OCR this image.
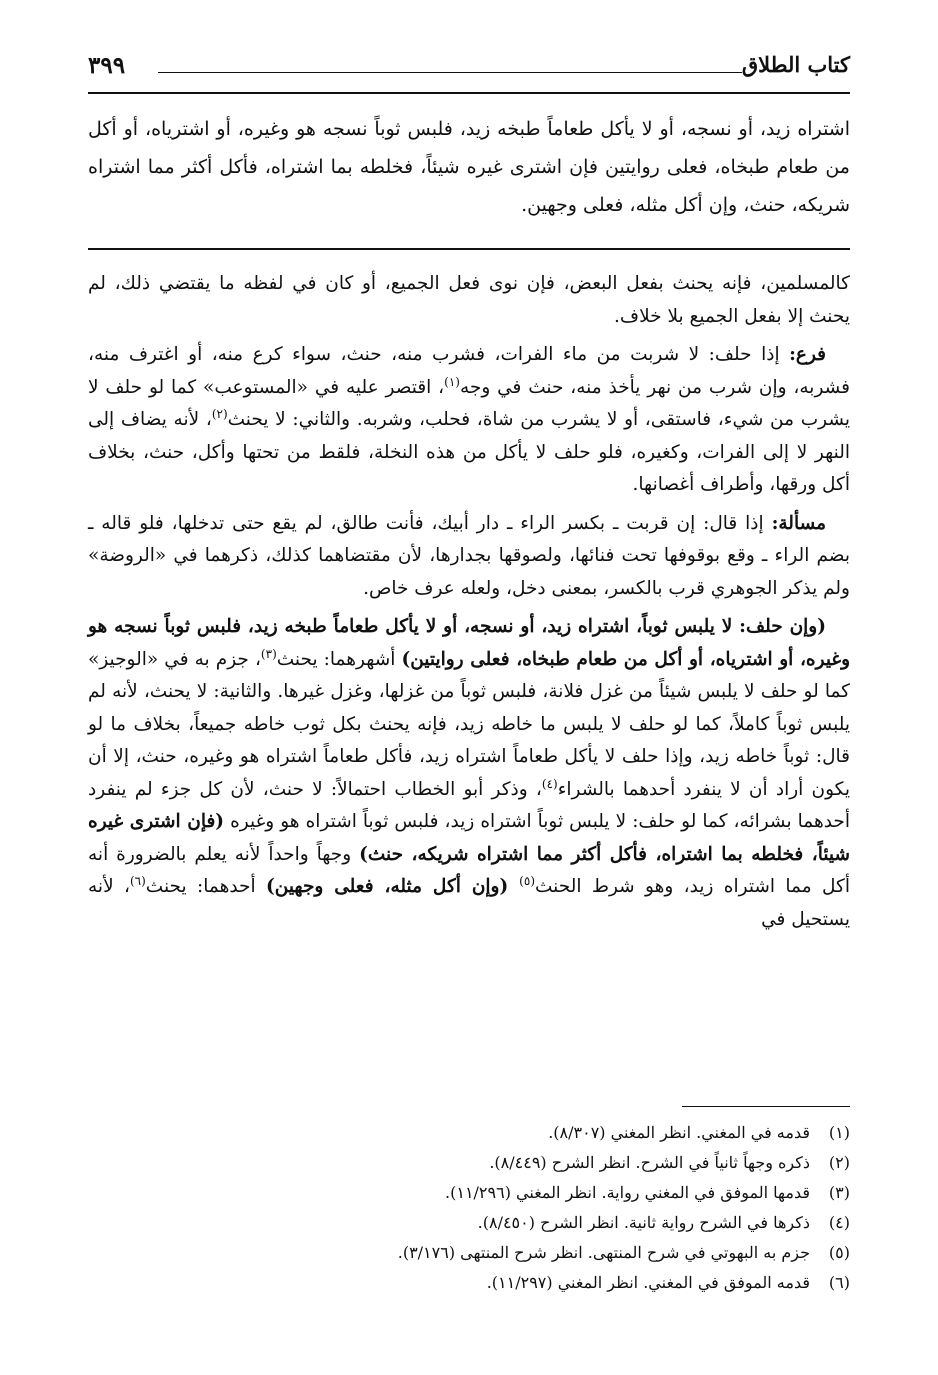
٣٩٩	كتاب الطلاق
اشتراه زيد، أو نسجه، أو لا يأكل طعاماً طبخه زيد، فلبس ثوباً نسجه هو وغيره، أو اشترياه، أو أكل من طعام طبخاه، فعلى روايتين فإن اشترى غيره شيئاً، فخلطه بما اشتراه، فأكل أكثر مما اشتراه شريكه، حنث، وإن أكل مثله، فعلى وجهين.

كالمسلمين، فإنه يحنث بفعل البعض، فإن نوى فعل الجميع، أو كان في لفظه ما يقتضي ذلك، لم يحنث إلا بفعل الجميع بلا خلاف.

فرع: إذا حلف: لا شربت من ماء الفرات، فشرب منه، حنث، سواء كرع منه، أو اغترف منه، فشربه، وإن شرب من نهر يأخذ منه، حنث في وجه$^{(١)}$، اقتصر عليه في «المستوعب» كما لو حلف لا يشرب من شيء، فاستقى، أو لا يشرب من شاة، فحلب، وشربه. والثاني: لا يحنث$^{(٢)}$، لأنه يضاف إلى النهر لا إلى الفرات، وكغيره، فلو حلف لا يأكل من هذه النخلة، فلقط من تحتها وأكل، حنث، بخلاف أكل ورقها، وأطراف أغصانها.

مسألة: إذا قال: إن قربت ـ بكسر الراء ـ دار أبيك، فأنت طالق، لم يقع حتى تدخلها، فلو قاله ـ بضم الراء ـ وقع بوقوفها تحت فنائها، ولصوقها بجدارها، لأن مقتضاهما كذلك، ذكرهما في «الروضة» ولم يذكر الجوهري قرب بالكسر، بمعنى دخل، ولعله عرف خاص.

(وإن حلف: لا يلبس ثوباً، اشتراه زيد، أو نسجه، أو لا يأكل طعاماً طبخه زيد، فلبس ثوباً نسجه هو وغيره، أو اشترياه، أو أكل من طعام طبخاه، فعلى روايتين) أشهرهما: يحنث$^{(٣)}$، جزم به في «الوجيز» كما لو حلف لا يلبس شيئاً من غزل فلانة، فلبس ثوباً من غزلها، وغزل غيرها. والثانية: لا يحنث، لأنه لم يلبس ثوباً كاملاً، كما لو حلف لا يلبس ما خاطه زيد، فإنه يحنث بكل ثوب خاطه جميعاً، بخلاف ما لو قال: ثوباً خاطه زيد، وإذا حلف لا يأكل طعاماً اشتراه زيد، فأكل طعاماً اشتراه هو وغيره، حنث، إلا أن يكون أراد أن لا ينفرد أحدهما بالشراء$^{(٤)}$، وذكر أبو الخطاب احتمالاً: لا حنث، لأن كل جزء لم ينفرد أحدهما بشرائه، كما لو حلف: لا يلبس ثوباً اشتراه زيد، فلبس ثوباً اشتراه هو وغيره (فإن اشترى غيره شيئاً، فخلطه بما اشتراه، فأكل أكثر مما اشتراه شريكه، حنث) وجهاً واحداً لأنه يعلم بالضرورة أنه أكل مما اشتراه زيد، وهو شرط الحنث$^{(٥)}$ (وإن أكل مثله، فعلى وجهين) أحدهما: يحنث$^{(٦)}$، لأنه يستحيل في

(١)قدمه في المغني. انظر المغني (٨/٣٠٧).
(٢)ذكره وجهاً ثانياً في الشرح. انظر الشرح (٨/٤٤٩).
(٣)قدمها الموفق في المغني رواية. انظر المغني (١١/٢٩٦).
(٤)ذكرها في الشرح رواية ثانية. انظر الشرح (٨/٤٥٠).
(٥)جزم به البهوتي في شرح المنتهى. انظر شرح المنتهى (٣/١٧٦).
(٦)قدمه الموفق في المغني. انظر المغني (١١/٢٩٧).
